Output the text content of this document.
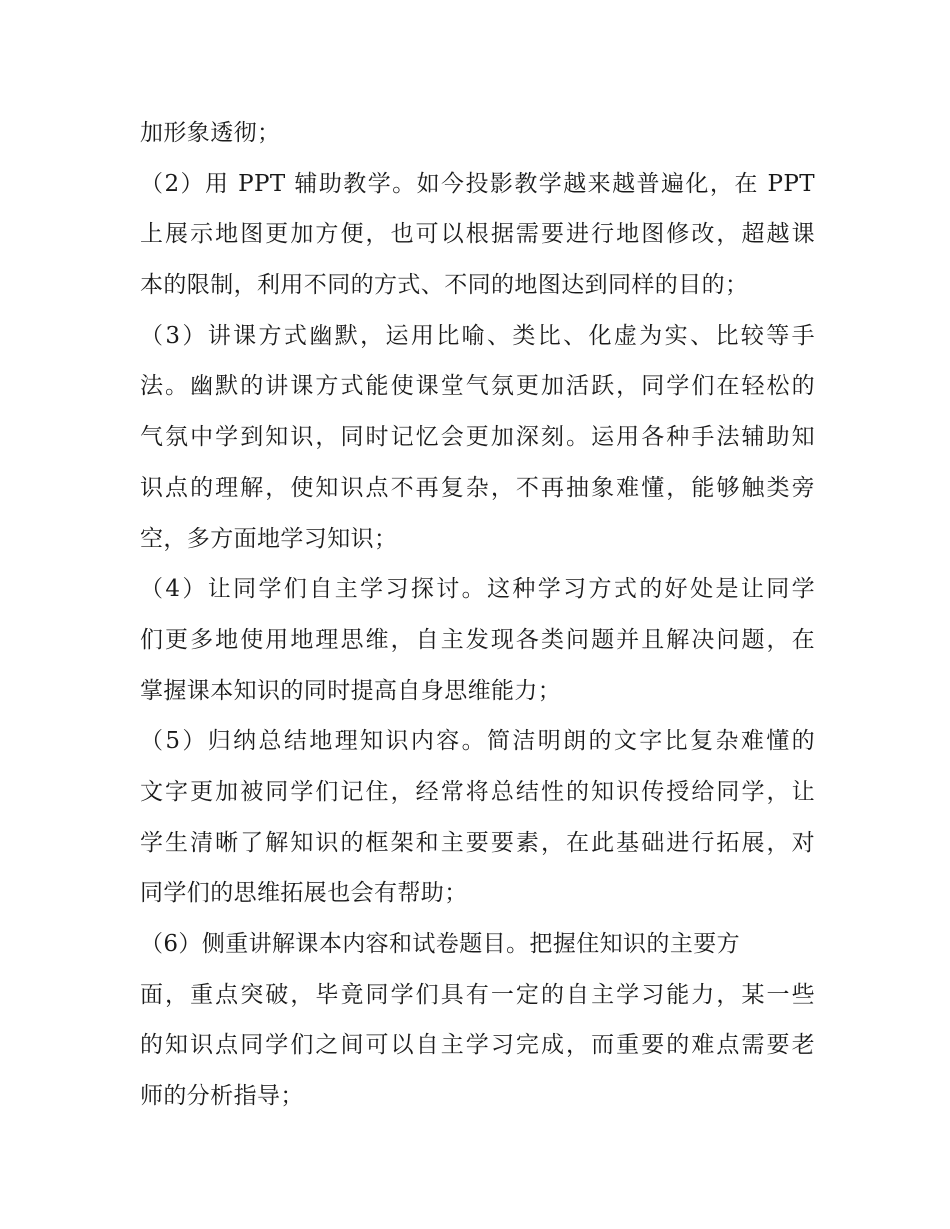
加形象透彻；

（2）用 PPT 辅助教学。如今投影教学越来越普遍化，在 PPT

上展示地图更加方便，也可以根据需要进行地图修改，超越课

本的限制，利用不同的方式、不同的地图达到同样的目的；

（3）讲课方式幽默，运用比喻、类比、化虚为实、比较等手

法。幽默的讲课方式能使课堂气氛更加活跃，同学们在轻松的

气氛中学到知识，同时记忆会更加深刻。运用各种手法辅助知

识点的理解，使知识点不再复杂，不再抽象难懂，能够触类旁

空，多方面地学习知识；

（4）让同学们自主学习探讨。这种学习方式的好处是让同学

们更多地使用地理思维，自主发现各类问题并且解决问题，在

掌握课本知识的同时提高自身思维能力；

（5）归纳总结地理知识内容。简洁明朗的文字比复杂难懂的

文字更加被同学们记住，经常将总结性的知识传授给同学，让

学生清晰了解知识的框架和主要要素，在此基础进行拓展，对

同学们的思维拓展也会有帮助；

（6）侧重讲解课本内容和试卷题目。把握住知识的主要方

面，重点突破，毕竟同学们具有一定的自主学习能力，某一些

的知识点同学们之间可以自主学习完成，而重要的难点需要老

师的分析指导；
